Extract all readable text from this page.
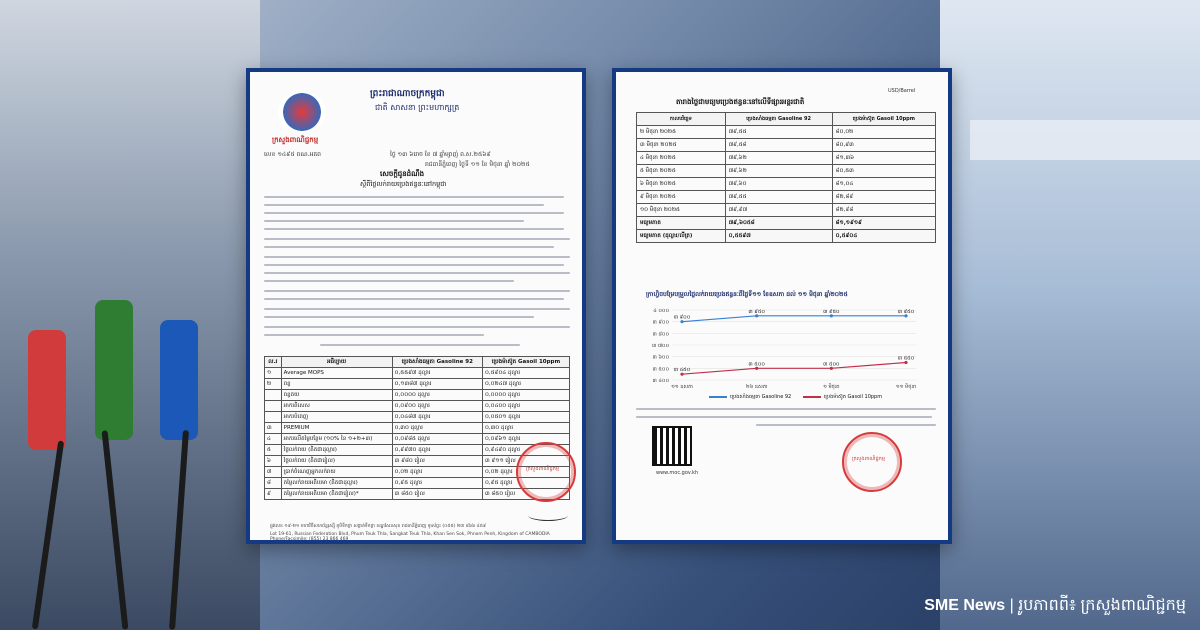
ព្រះរាជាណាចក្រកម្ពុជា
ជាតិ សាសនា ព្រះមហាក្សត្រ
ក្រសួងពាណិជ្ជកម្ម
លេខ ១៤៩៥ ពណ.អគព	ថ្ងៃ ១៣ ៦រោច ខែ ៧ ឆ្នាំម្សាញ់ ព.ស.២៥៦៩
រាជធានីភ្នំពេញ ថ្ងៃទី ១១ ខែ មិថុនា ឆ្នាំ ២០២៥
សេចក្តីជូនដំណឹង
ស្តីពីថ្លៃលក់រាយប្រេងឥន្ធនៈនៅកម្ពុជា
ល.រ	អធិប្បាយ	ប្រេងសាំងធម្មតា Gasoline 92	ប្រេងម៉ាស៊ូត Gasoil 10ppm
១	Average MOPS	០,៥៥៩៧ ដុល្លារ	០,៥៩០៤ ដុល្លារ
២	ពន្ធ	០,១៣៨៧ ដុល្លារ	០,០២៤៧ ដុល្លារ
	ពន្ធគយ	០,០០០០ ដុល្លារ	០,០០០០ ដុល្លារ
	អាករពិសេស	០,០៩០០ ដុល្លារ	០,០៤០០ ដុល្លារ
	អាករបំពេញ	០,០៤៨៧ ដុល្លារ	០,០៥០១ ដុល្លារ
៣	PREMIUM	០,៣០ ដុល្លារ	០,៣០ ដុល្លារ
៤	អាករលើតម្លៃបន្ថែម (១០% នៃ ១+២+៣)	០,០៩៨៥ ដុល្លារ	០,០៩៦១ ដុល្លារ
៥	ថ្លៃលក់រាយ (គិតជាដុល្លារ)	០,៩៩៧០ ដុល្លារ	០,៩៤៩០ ដុល្លារ
៦	ថ្លៃលក់រាយ (គិតជារៀល)	៣ ៩៨០ រៀល	៣ ៩១១ រៀល
៧	ប្រាក់ចំណេញអ្នកលក់រាយ	០,០២ ដុល្លារ	០,០២ ដុល្លារ
៨	តម្លៃលក់រាយអតិបរមា (គិតជាដុល្លារ)	០,៩៥ ដុល្លារ	០,៩៥ ដុល្លារ
៩	តម្លៃលក់រាយអតិបរមា (គិតជារៀល)*	៣ ៨៥០ រៀល	៣ ៨៥០ រៀល
ក្រសួងពាណិជ្ជកម្ម
ផ្លូវលេខ ១៩-២១ មហាវិថីសហព័ន្ធរុស្ស៊ី ភូមិទឹកថ្លា សង្កាត់ទឹកថ្លា ខណ្ឌសែនសុខ រាជធានីភ្នំពេញ ទូរស័ព្ទ៖ (០៥៥) ២៣ ៨៦៦ ៤៥៩
Lot 19-61, Russian Federation Blvd, Phum Teuk Thla, Sangkat Teuk Thla, Khan Sen Sok, Phnom Penh, Kingdom of CAMBODIA Phone/Facsimile: (855) 23 866 469
USD/Barrel
តារាងថ្លៃជាមធ្យមប្រេងឥន្ធនៈនៅលើទីផ្សារអន្តរជាតិ
កាលបរិច្ឆេទ	ប្រេងសាំងធម្មតា Gasoline 92	ប្រេងម៉ាស៊ូត Gasoil 10ppm
២ មិថុនា ២០២៥	៧៩,៥៥	៨០,០២
៣ មិថុនា ២០២៥	៧៩,៥៨	៨០,៩៣
៤ មិថុនា ២០២៥	៧៩,៦២	៨១,៣៦
៥ មិថុនា ២០២៥	៧៩,៦២	៨០,៥៣
៦ មិថុនា ២០២៥	៧៩,៦០	៨១,០៤
៩ មិថុនា ២០២៥	៧៩,៥៥	៨២,៨៩
១០ មិថុនា ២០២៥	៧៩,៩៧	៨២,៩៨
មធ្យមភាគ	៧៩,៦០៥៨	៨១,១៩១៩
មធ្យមភាគ (ដុល្លារ/លីត្រ)	០,៥៥៩៧	០,៥៩០៤
ក្រាហ្វិចបម្រែបម្រួលថ្លៃលក់រាយប្រេងឥន្ធនៈពីថ្ងៃទី១១ ខែឧសភា ដល់ ១១ មិថុនា ឆ្នាំ២០២៥
៤ ០០០
៣ ៩០០
៣ ៨០០
៣ ៧០០
៣ ៦០០
៣ ៥០០
៣ ៤០០
១១ ឧសភា	២៦ ឧសភា	១ មិថុនា	១១ មិថុនា
៣ ៩០០
៣ ៩៥០	៣ ៩៥០	៣ ៩៥០
៣ ៤៥០
៣ ៥០០	៣ ៥០០
៣ ៥៥០
ប្រេងសាំងធម្មតា Gasoline 92	ប្រេងម៉ាស៊ូត Gasoil 10ppm
www.moc.gov.kh
ក្រសួងពាណិជ្ជកម្ម
SME News | រូបភាពពី៖ ក្រសួងពាណិជ្ជកម្ម
